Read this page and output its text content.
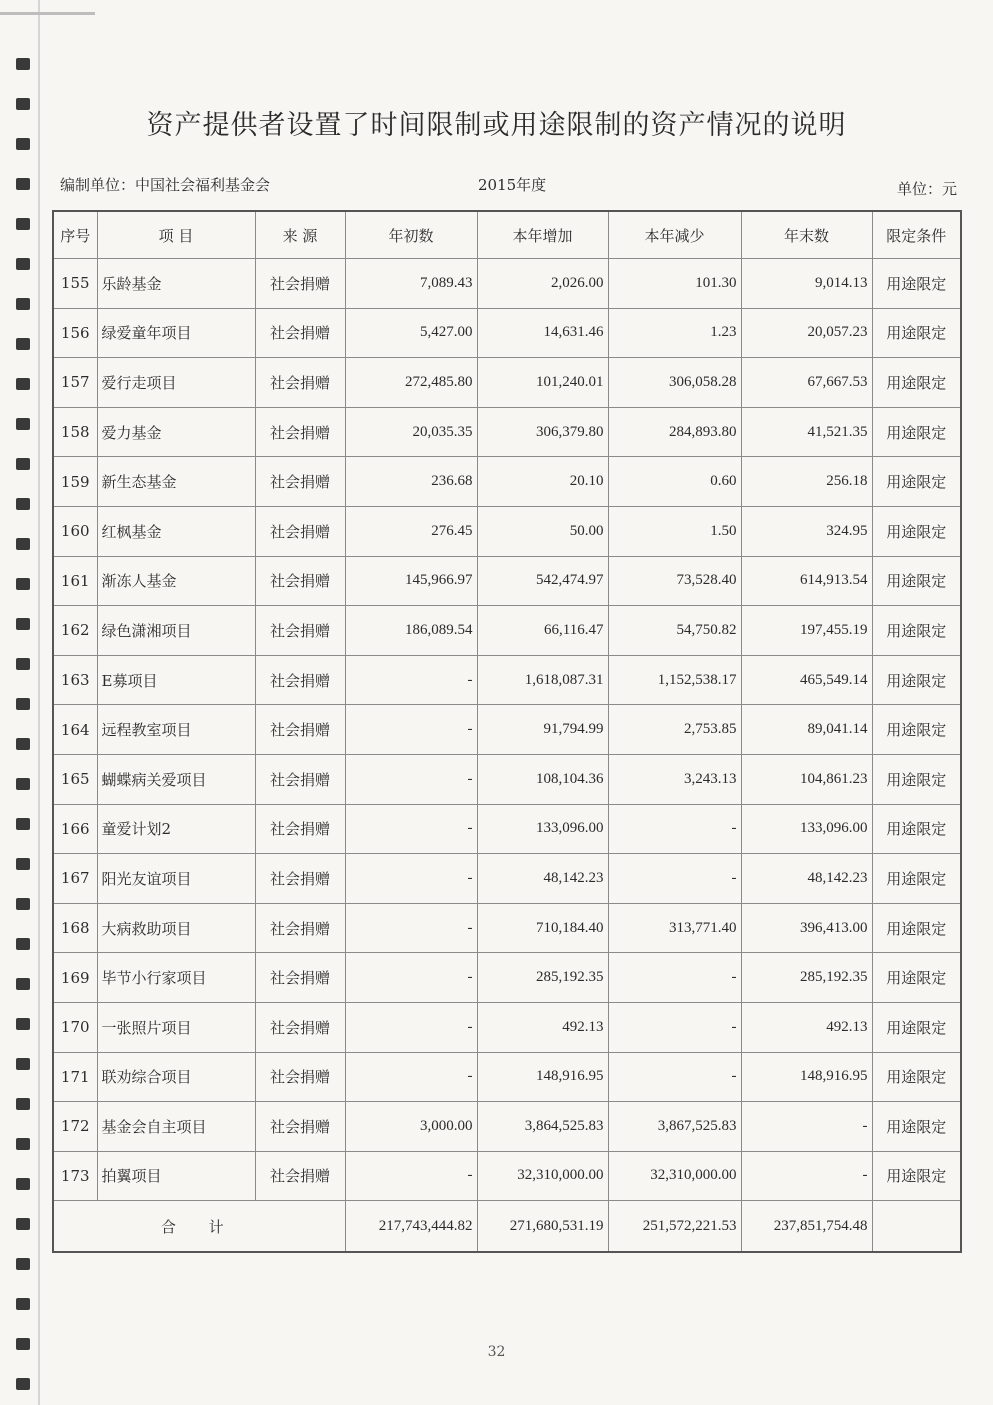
资产提供者设置了时间限制或用途限制的资产情况的说明
编制单位：中国社会福利基金会	2015年度	单位：元
序号	项 目	来 源	年初数	本年增加	本年减少	年末数	限定条件
155	乐龄基金	社会捐赠	7,089.43	2,026.00	101.30	9,014.13	用途限定
156	绿爱童年项目	社会捐赠	5,427.00	14,631.46	1.23	20,057.23	用途限定
157	爱行走项目	社会捐赠	272,485.80	101,240.01	306,058.28	67,667.53	用途限定
158	爱力基金	社会捐赠	20,035.35	306,379.80	284,893.80	41,521.35	用途限定
159	新生态基金	社会捐赠	236.68	20.10	0.60	256.18	用途限定
160	红枫基金	社会捐赠	276.45	50.00	1.50	324.95	用途限定
161	渐冻人基金	社会捐赠	145,966.97	542,474.97	73,528.40	614,913.54	用途限定
162	绿色潇湘项目	社会捐赠	186,089.54	66,116.47	54,750.82	197,455.19	用途限定
163	E募项目	社会捐赠	-	1,618,087.31	1,152,538.17	465,549.14	用途限定
164	远程教室项目	社会捐赠	-	91,794.99	2,753.85	89,041.14	用途限定
165	蝴蝶病关爱项目	社会捐赠	-	108,104.36	3,243.13	104,861.23	用途限定
166	童爱计划2	社会捐赠	-	133,096.00	-	133,096.00	用途限定
167	阳光友谊项目	社会捐赠	-	48,142.23	-	48,142.23	用途限定
168	大病救助项目	社会捐赠	-	710,184.40	313,771.40	396,413.00	用途限定
169	毕节小行家项目	社会捐赠	-	285,192.35	-	285,192.35	用途限定
170	一张照片项目	社会捐赠	-	492.13	-	492.13	用途限定
171	联劝综合项目	社会捐赠	-	148,916.95	-	148,916.95	用途限定
172	基金会自主项目	社会捐赠	3,000.00	3,864,525.83	3,867,525.83	-	用途限定
173	拍翼项目	社会捐赠	-	32,310,000.00	32,310,000.00	-	用途限定
合 计			217,743,444.82	271,680,531.19	251,572,221.53	237,851,754.48	
32
